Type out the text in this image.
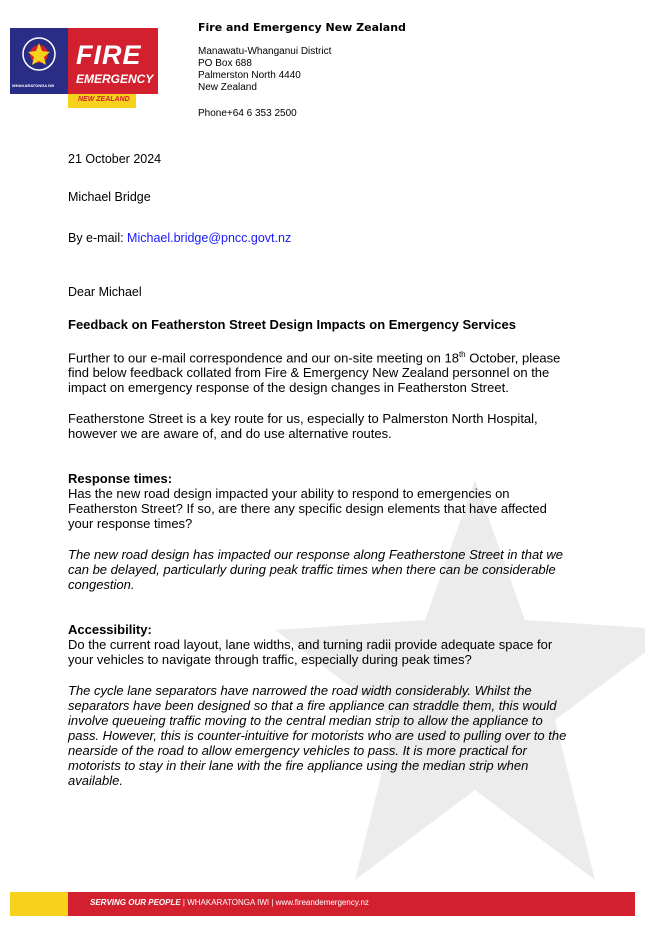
WHAKARATONGA IWI
FIRE
EMERGENCY
NEW ZEALAND
Fire and Emergency New Zealand
Manawatu-Whanganui District
PO Box 688
Palmerston North 4440
New Zealand
Phone+64 6 353 2500

21 October 2024

Michael Bridge

By e-mail: Michael.bridge@pncc.govt.nz

Dear Michael

Feedback on Featherston Street Design Impacts on Emergency Services

Further to our e-mail correspondence and our on-site meeting on 18th October, please find below feedback collated from Fire & Emergency New Zealand personnel on the impact on emergency response of the design changes in Featherston Street.

Featherstone Street is a key route for us, especially to Palmerston North Hospital, however we are aware of, and do use alternative routes.

Response times:

Has the new road design impacted your ability to respond to emergencies on Featherston Street? If so, are there any specific design elements that have affected your response times?

The new road design has impacted our response along Featherstone Street in that we can be delayed, particularly during peak traffic times when there can be considerable congestion.

Accessibility:

Do the current road layout, lane widths, and turning radii provide adequate space for your vehicles to navigate through traffic, especially during peak times?

The cycle lane separators have narrowed the road width considerably. Whilst the separators have been designed so that a fire appliance can straddle them, this would involve queueing traffic moving to the central median strip to allow the appliance to pass. However, this is counter-intuitive for motorists who are used to pulling over to the nearside of the road to allow emergency vehicles to pass. It is more practical for motorists to stay in their lane with the fire appliance using the median strip when available.

SERVING OUR PEOPLE | WHAKARATONGA IWI | www.fireandemergency.nz
